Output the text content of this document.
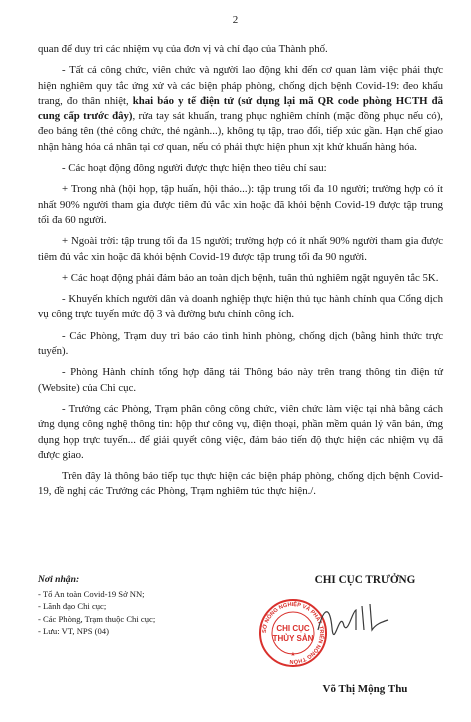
2

quan để duy trì các nhiệm vụ của đơn vị và chỉ đạo của Thành phố.

- Tất cả công chức, viên chức và người lao động khi đến cơ quan làm việc phải thực hiện nghiêm quy tắc ứng xử và các biện pháp phòng, chống dịch bệnh Covid-19: đeo khẩu trang, đo thân nhiệt, khai báo y tế điện tử (sử dụng lại mã QR code phòng HCTH đã cung cấp trước đây), rửa tay sát khuẩn, trang phục nghiêm chỉnh (mặc đồng phục nếu có), đeo bảng tên (thẻ công chức, thẻ ngành...), không tụ tập, trao đổi, tiếp xúc gần. Hạn chế giao nhận hàng hóa cá nhân tại cơ quan, nếu có phải thực hiện phun xịt khử khuẩn hàng hóa.

- Các hoạt động đông người được thực hiện theo tiêu chí sau:

+ Trong nhà (hội họp, tập huấn, hội thảo...): tập trung tối đa 10 người; trường hợp có ít nhất 90% người tham gia được tiêm đủ vắc xin hoặc đã khỏi bệnh Covid-19 được tập trung tối đa 60 người.

+ Ngoài trời: tập trung tối đa 15 người; trường hợp có ít nhất 90% người tham gia được tiêm đủ vắc xin hoặc đã khỏi bệnh Covid-19 được tập trung tối đa 90 người.

+ Các hoạt động phải đảm bảo an toàn dịch bệnh, tuân thủ nghiêm ngặt nguyên tắc 5K.

- Khuyến khích người dân và doanh nghiệp thực hiện thủ tục hành chính qua Cổng dịch vụ công trực tuyến mức độ 3 và đường bưu chính công ích.

- Các Phòng, Trạm duy trì báo cáo tình hình phòng, chống dịch (bằng hình thức trực tuyến).

- Phòng Hành chính tổng hợp đăng tải Thông báo này trên trang thông tin điện tử (Website) của Chi cục.

- Trưởng các Phòng, Trạm phân công công chức, viên chức làm việc tại nhà bằng cách ứng dụng công nghệ thông tin: hộp thư công vụ, điện thoại, phần mềm quản lý văn bản, ứng dụng họp trực tuyến... để giải quyết công việc, đảm bảo tiến độ thực hiện các nhiệm vụ đã được giao.

Trên đây là thông báo tiếp tục thực hiện các biện pháp phòng, chống dịch bệnh Covid-19, đề nghị các Trưởng các Phòng, Trạm nghiêm túc thực hiện./.

Nơi nhận:
- Tổ An toàn Covid-19 Sở NN;
- Lãnh đạo Chi cục;
- Các Phòng, Trạm thuộc Chi cục;
- Lưu: VT, NPS (04)
CHI CỤC TRƯỞNG
SỞ NÔNG NGHIỆP VÀ PHÁT TRIỂN NÔNG THÔN
CHI CỤC
THỦY SẢN
★
Võ Thị Mộng Thu
